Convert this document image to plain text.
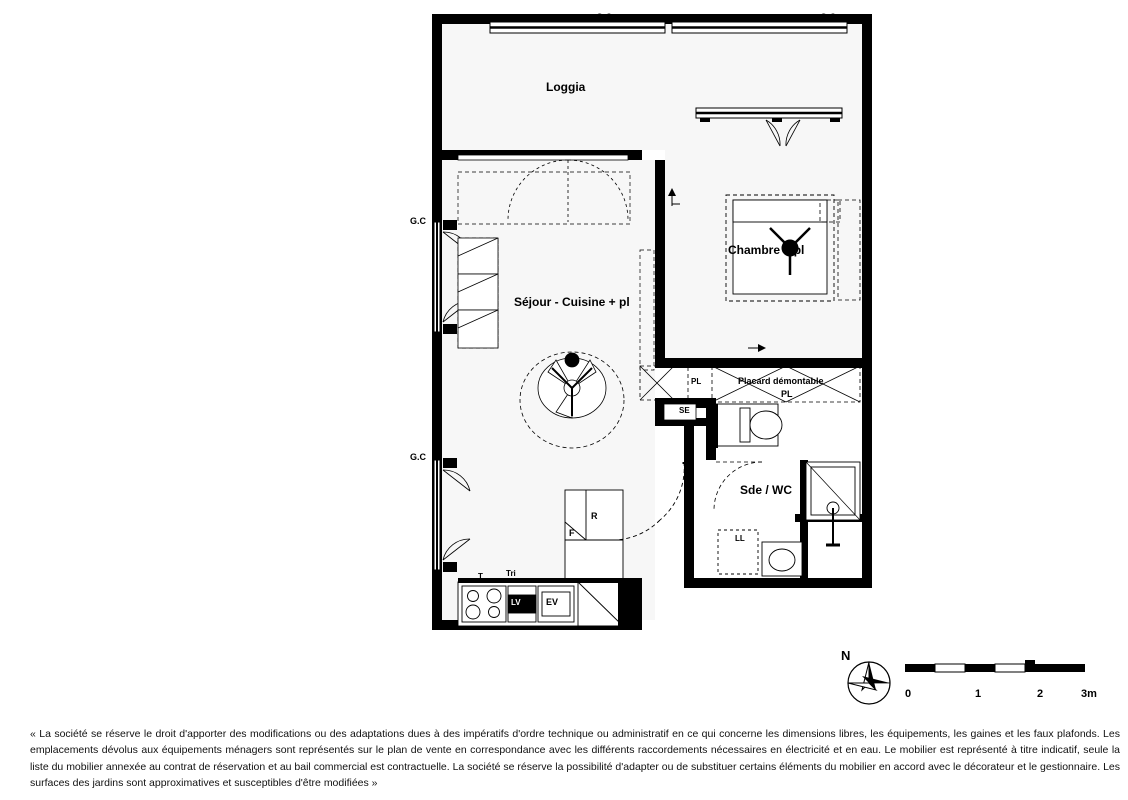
Loggia
Séjour - Cuisine + pl
Chambre + pl
Sde / WC
G.C	G.C
G.C
G.C
Placard démontable
PL
PL
SE
LL
T	Tri
LV	EV
F
R
N
0	1	2	3m
« La société se réserve le droit d'apporter des modifications ou des adaptations dues à des impératifs d'ordre technique ou administratif en ce qui concerne les dimensions libres, les équipements, les gaines et les faux plafonds. Les emplacements dévolus aux équipements ménagers sont représentés sur le plan de vente en correspondance avec les différents raccordements nécessaires en électricité et en eau. Le mobilier est représenté à titre indicatif, seule la liste du mobilier annexée au contrat de réservation et au bail commercial est contractuelle. La société se réserve la possibilité d'adapter ou de substituer certains éléments du mobilier en accord avec le décorateur et le gestionnaire. Les surfaces des jardins sont approximatives et susceptibles d'être modifiées »
